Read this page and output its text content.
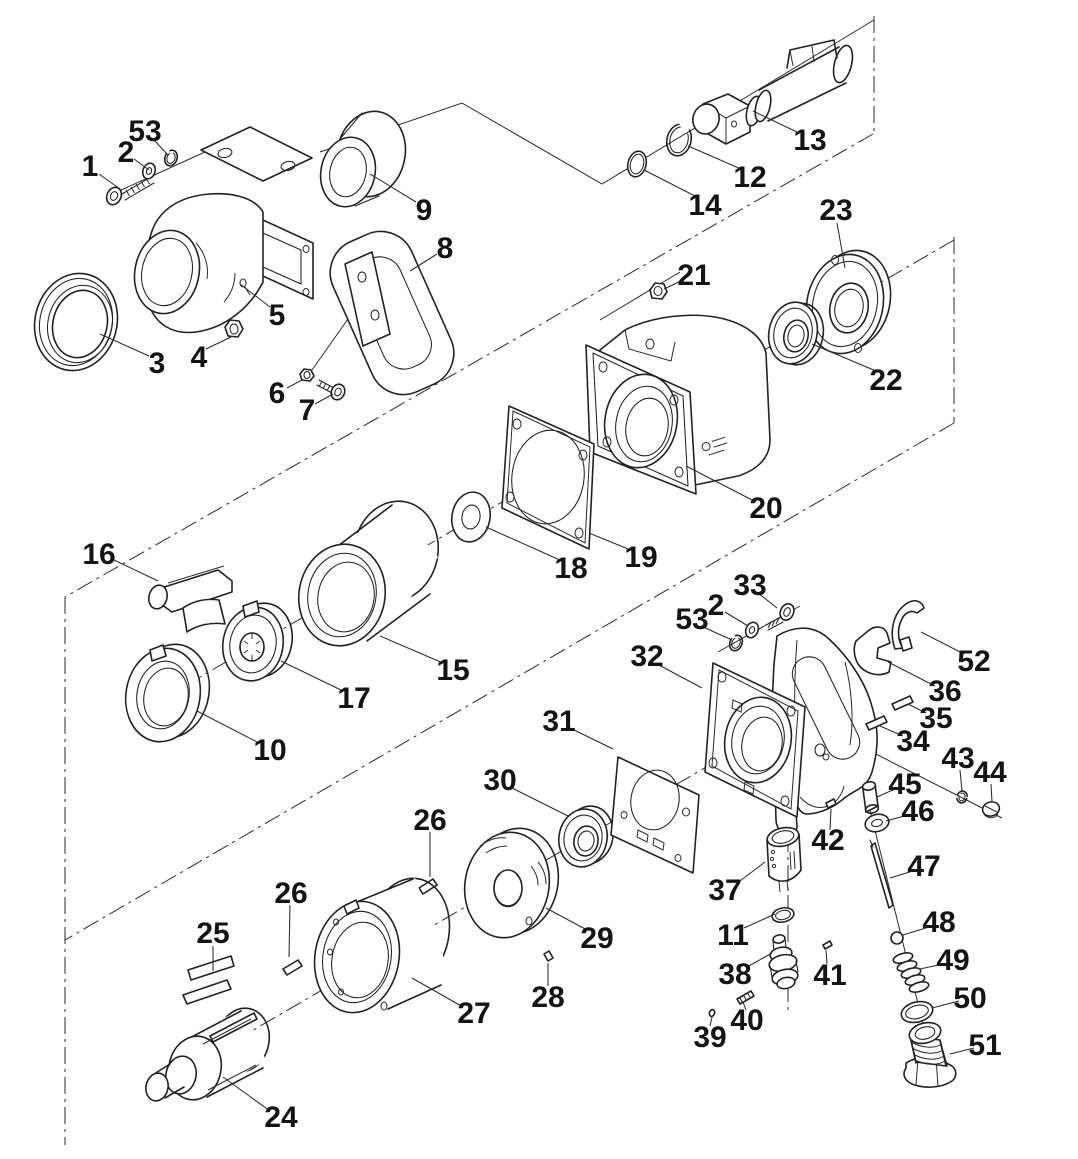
1 2
53
3 4
5
6
7
8
9
12
13
14
21
22
23
18 19
20
33
2
53
32
31
30
36
35
34
52
43
44
45
46
47
48
49
50
51
42
37
11
38
40
39
41
29
28
27
24
25
26
26
16
15
17
10
